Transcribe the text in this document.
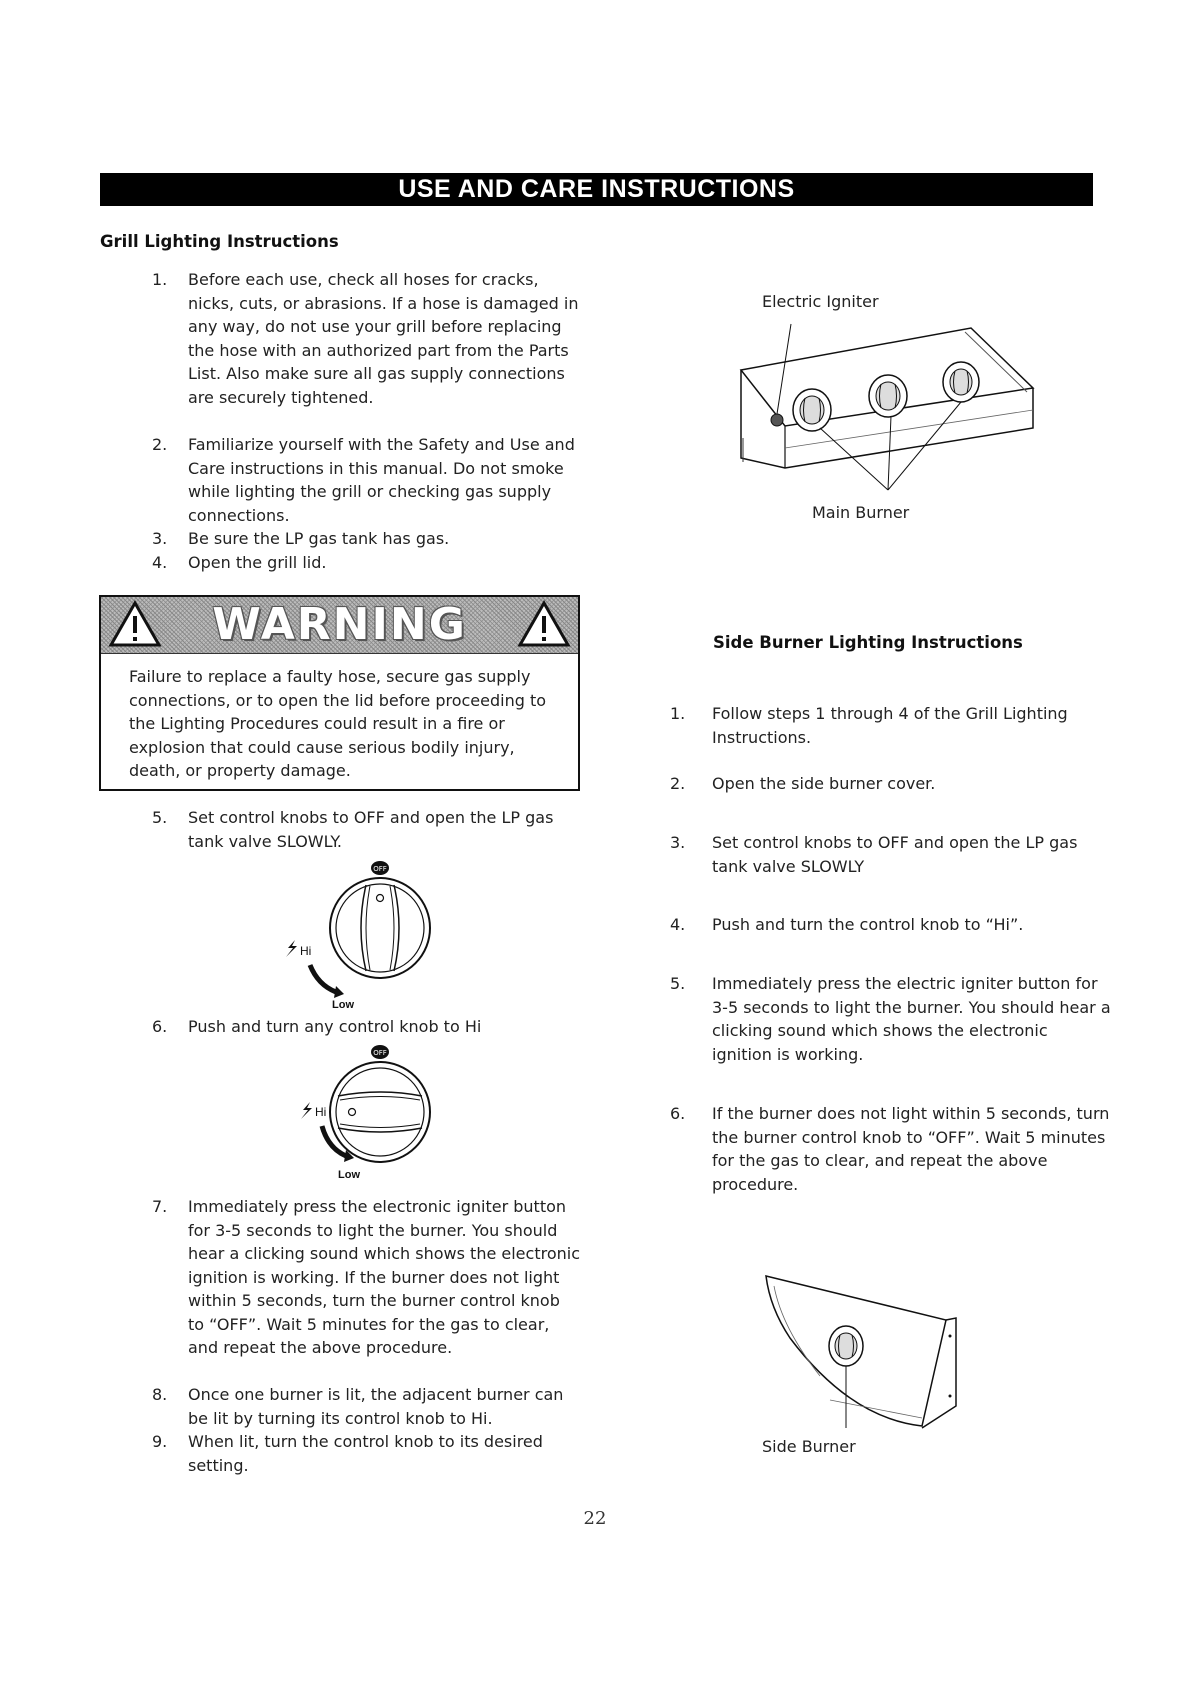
USE AND CARE INSTRUCTIONS
Grill Lighting Instructions
1. Before each use, check all hoses for cracks, nicks, cuts, or abrasions. If a hose is damaged in any way, do not use your grill before replacing the hose with an authorized part from the Parts List. Also make sure all gas supply connections are securely tightened.
2. Familiarize yourself with the Safety and Use and Care instructions in this manual. Do not smoke while lighting the grill or checking gas supply connections.
3. Be sure the LP gas tank has gas.
4. Open the grill lid.
WARNING
Failure to replace a faulty hose, secure gas supply connections, or to open the lid before proceeding to the Lighting Procedures could result in a fire or explosion that could cause serious bodily injury, death, or property damage.
5. Set control knobs to OFF and open the LP gas tank valve SLOWLY.
OFF
Hi
Low
6. Push and turn any control knob to Hi
OFF
Hi
Low
7. Immediately press the electronic igniter button for 3-5 seconds to light the burner. You should hear a clicking sound which shows the electronic ignition is working. If the burner does not light within 5 seconds, turn the burner control knob to “OFF”. Wait 5 minutes for the gas to clear, and repeat the above procedure.
8. Once one burner is lit, the adjacent burner can be lit by turning its control knob to Hi.
9. When lit, turn the control knob to its desired setting.
Electric Igniter
Main Burner
Side Burner Lighting Instructions
1. Follow steps 1 through 4 of the Grill Lighting Instructions.
2. Open the side burner cover.
3. Set control knobs to OFF and open the LP gas tank valve SLOWLY
4. Push and turn the control knob to “Hi”.
5. Immediately press the electric igniter button for 3-5 seconds to light the burner. You should hear a clicking sound which shows the electronic ignition is working.
6. If the burner does not light within 5 seconds, turn the burner control knob to “OFF”. Wait 5 minutes for the gas to clear, and repeat the above procedure.
Side Burner
22
